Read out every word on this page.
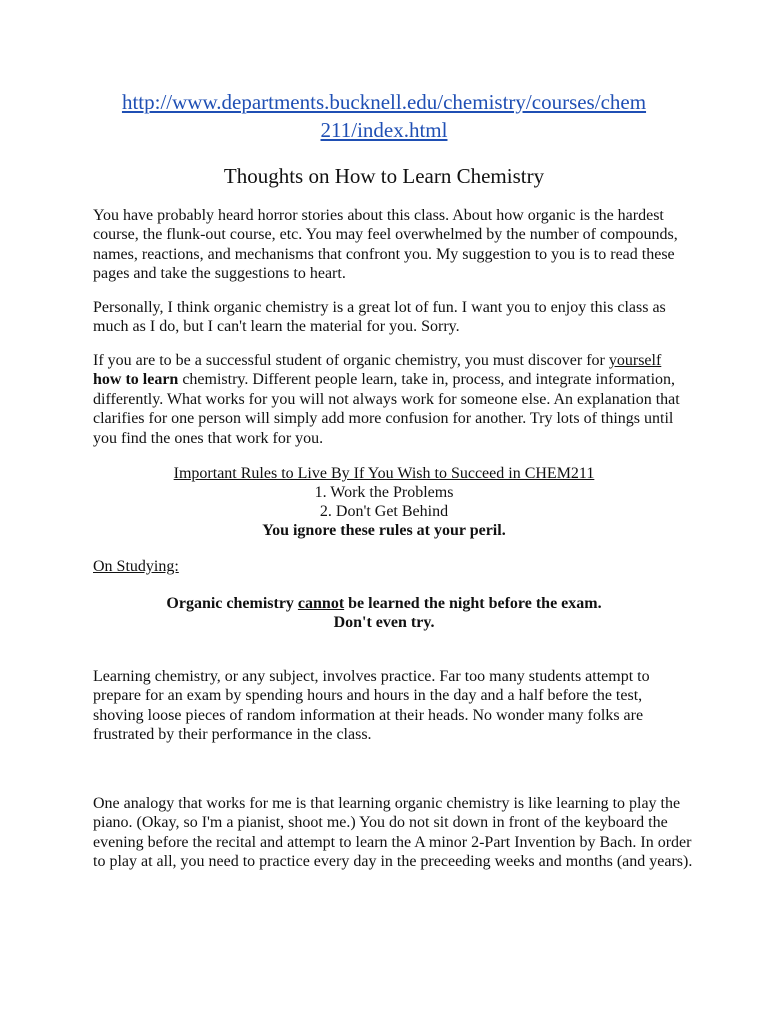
http://www.departments.bucknell.edu/chemistry/courses/chem
211/index.html

Thoughts on How to Learn Chemistry

You have probably heard horror stories about this class. About how organic is the hardest course, the flunk-out course, etc. You may feel overwhelmed by the number of compounds, names, reactions, and mechanisms that confront you. My suggestion to you is to read these pages and take the suggestions to heart.

Personally, I think organic chemistry is a great lot of fun. I want you to enjoy this class as much as I do, but I can't learn the material for you. Sorry.

If you are to be a successful student of organic chemistry, you must discover for yourself how to learn chemistry. Different people learn, take in, process, and integrate information, differently. What works for you will not always work for someone else. An explanation that clarifies for one person will simply add more confusion for another. Try lots of things until you find the ones that work for you.

Important Rules to Live By If You Wish to Succeed in CHEM211
1. Work the Problems
2. Don't Get Behind
You ignore these rules at your peril.

On Studying:

Organic chemistry cannot be learned the night before the exam.
Don't even try.

Learning chemistry, or any subject, involves practice. Far too many students attempt to prepare for an exam by spending hours and hours in the day and a half before the test, shoving loose pieces of random information at their heads. No wonder many folks are frustrated by their performance in the class.

One analogy that works for me is that learning organic chemistry is like learning to play the piano. (Okay, so I'm a pianist, shoot me.) You do not sit down in front of the keyboard the evening before the recital and attempt to learn the A minor 2-Part Invention by Bach. In order to play at all, you need to practice every day in the preceeding weeks and months (and years).
